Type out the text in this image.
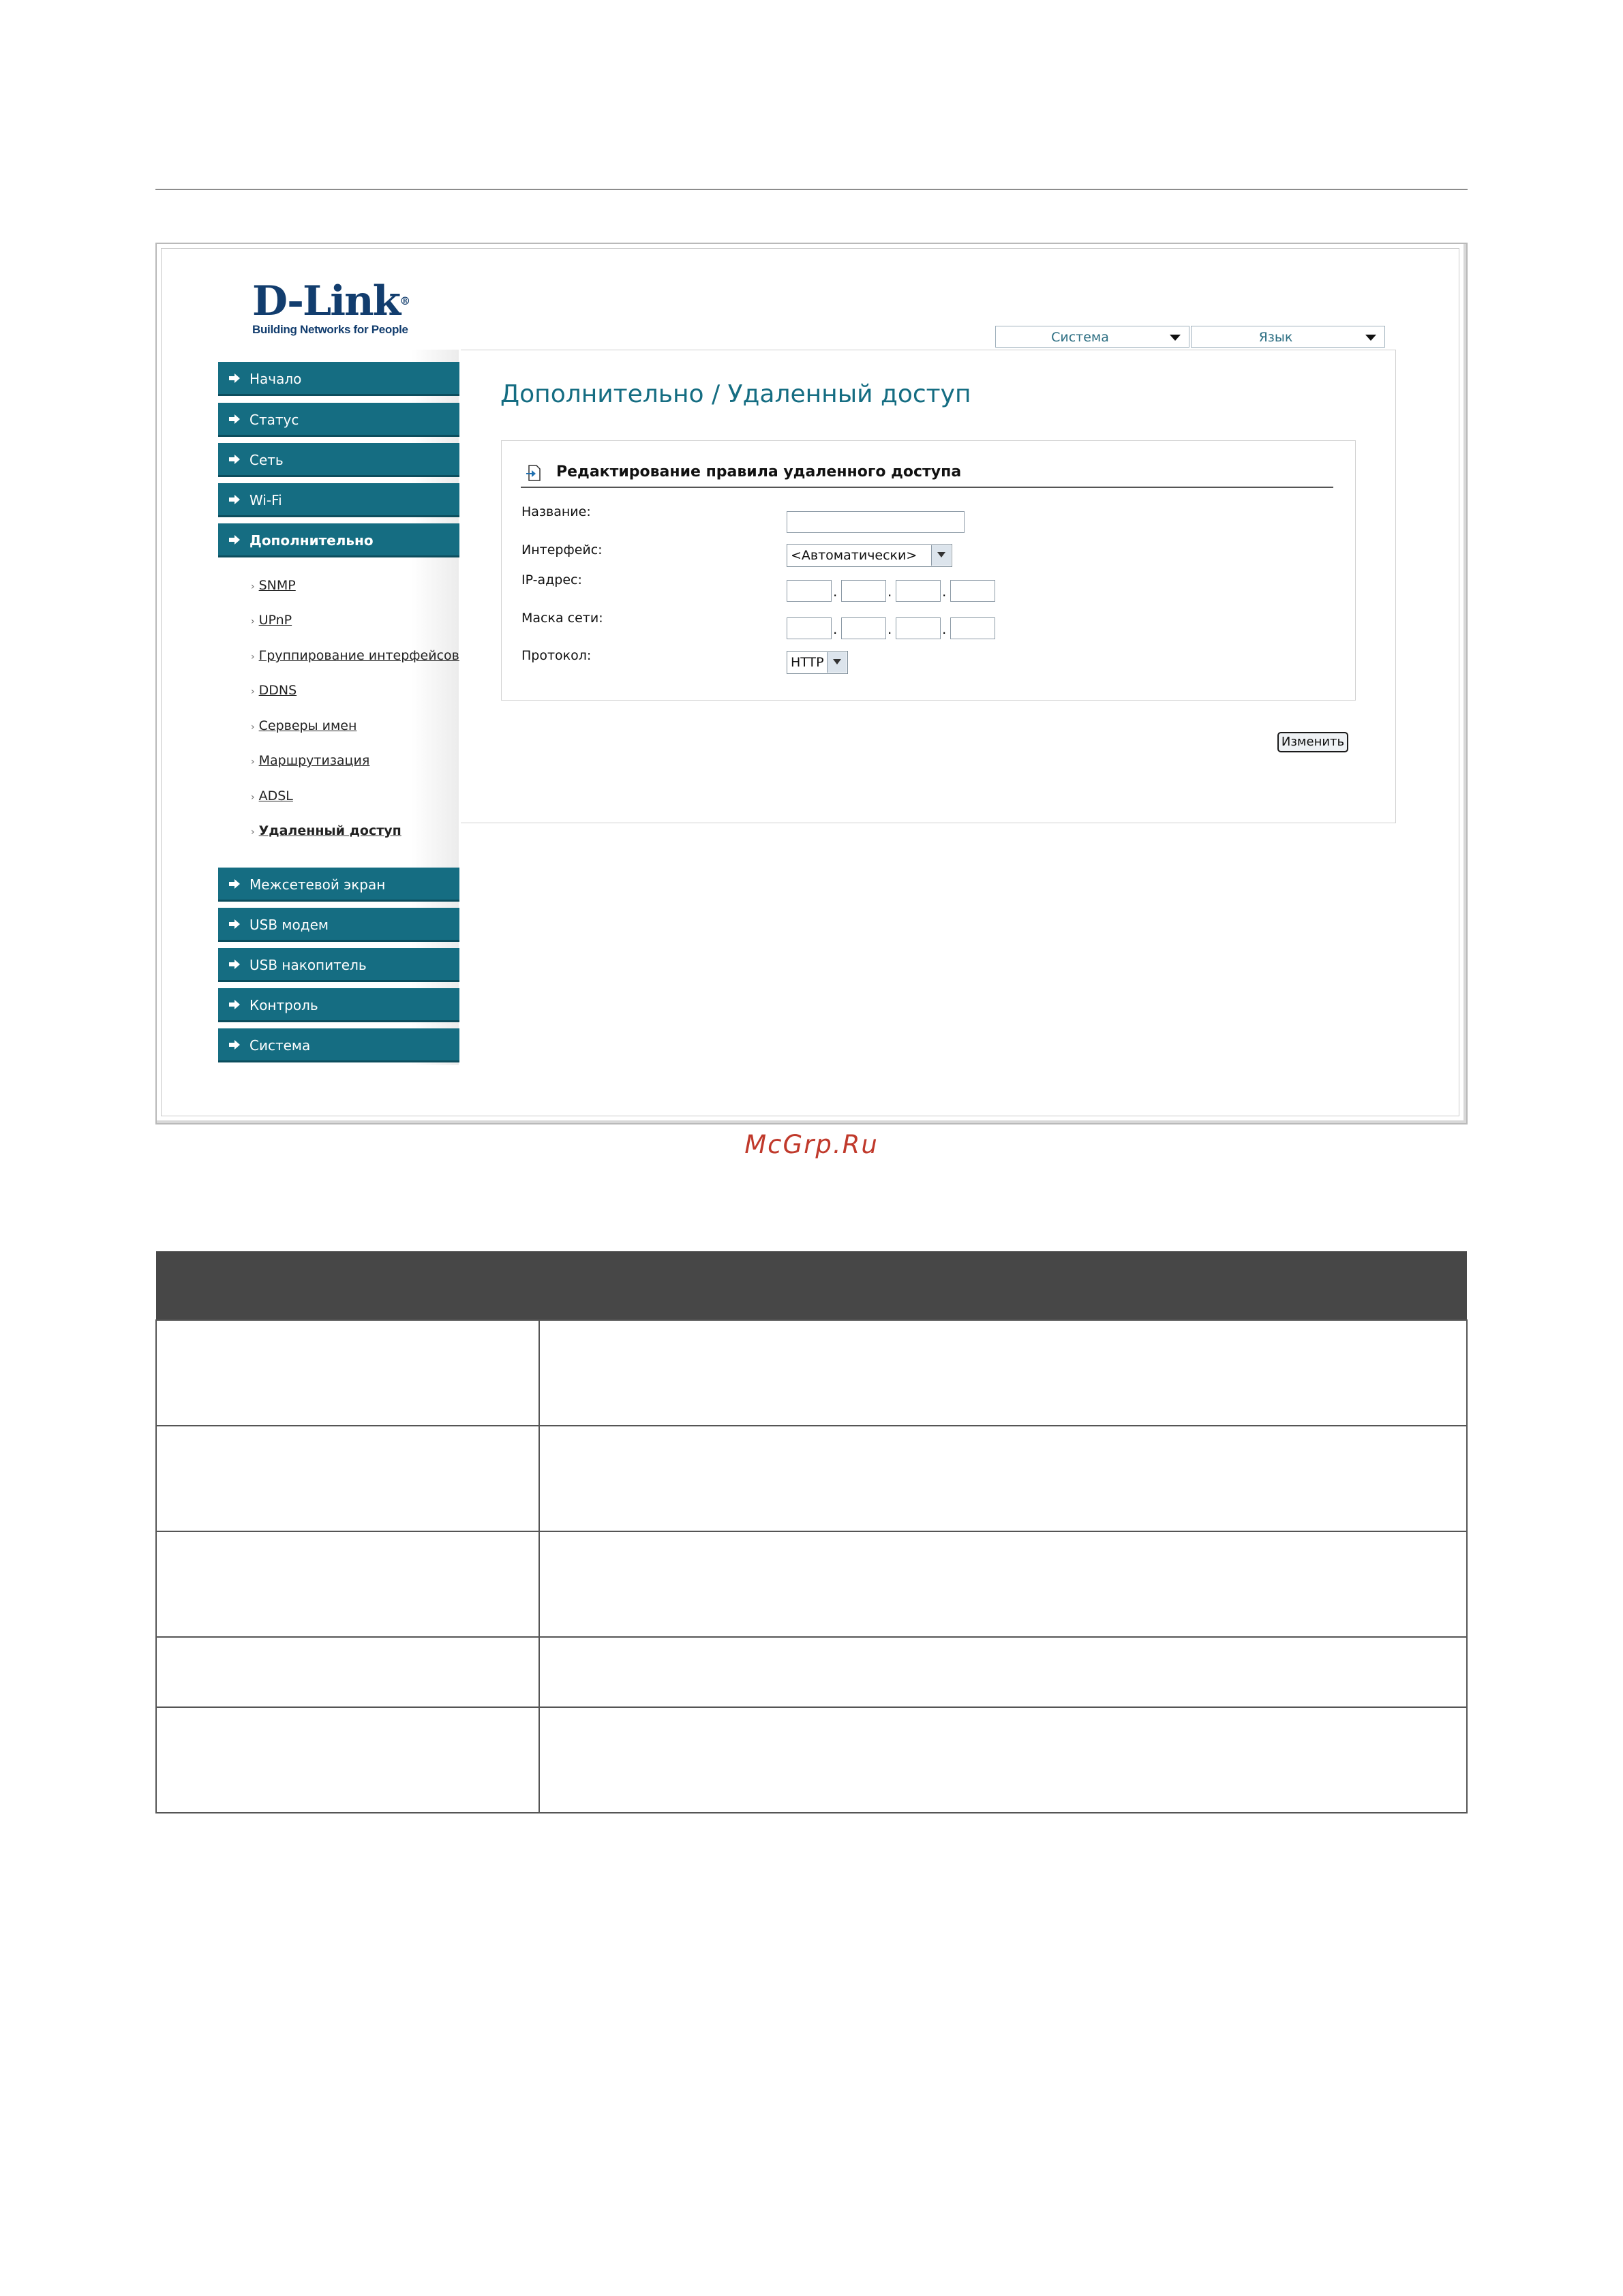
D-Link®
Building Networks for People
Система	Язык
Начало
Статус
Сеть
Wi-Fi
Дополнительно
› SNMP
› UPnP
› Группирование интерфейсов
› DDNS
› Серверы имен
› Маршрутизация
› ADSL
› Удаленный доступ
Межсетевой экран
USB модем
USB накопитель
Контроль
Система
Дополнительно / Удаленный доступ
Редактирование правила удаленного доступа
Название:
Интерфейс:	<Автоматически>
IP-адрес:
.	.	.
Маска сети:
.	.	.
Протокол:	HTTP
Изменить
McGrp.Ru
